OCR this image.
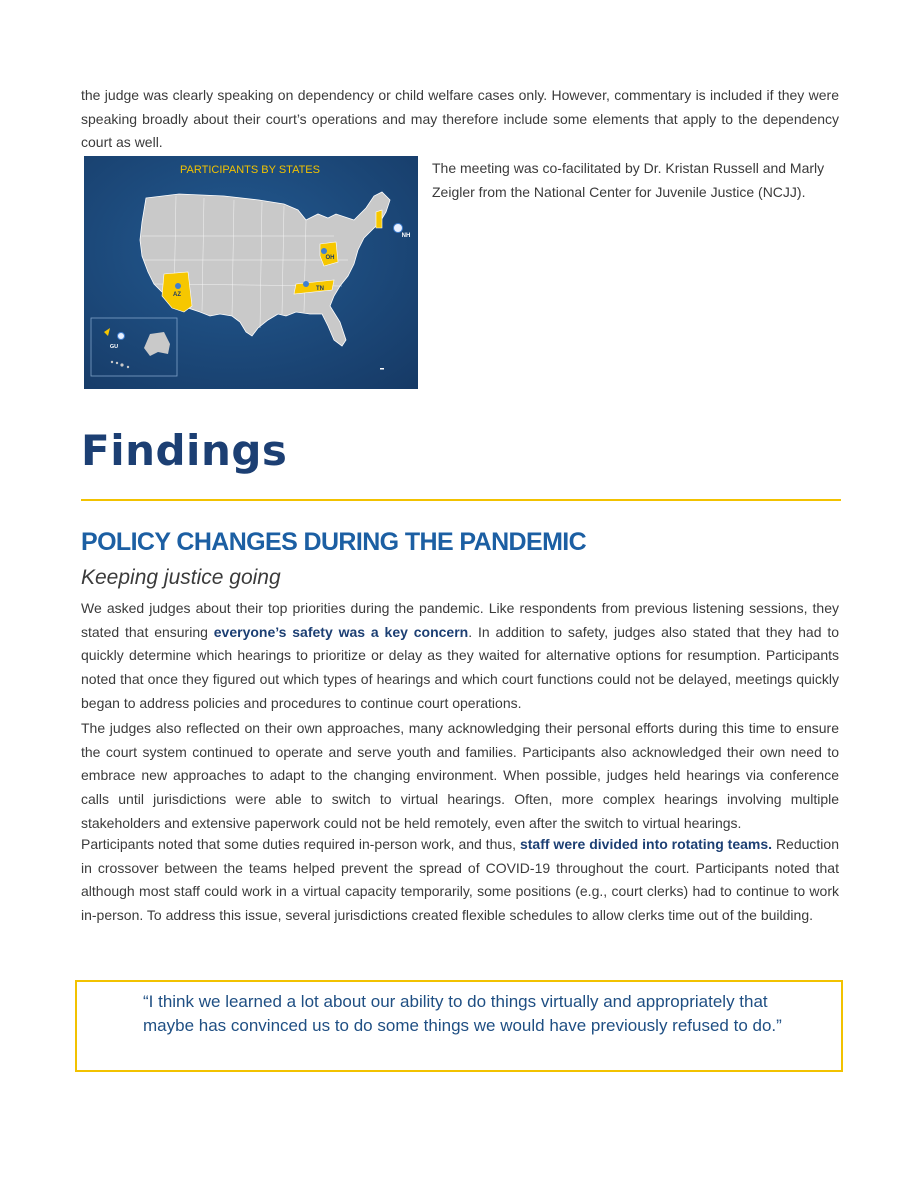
the judge was clearly speaking on dependency or child welfare cases only. However, commentary is included if they were speaking broadly about their court’s operations and may therefore include some elements that apply to the dependency court as well.

PARTICIPANTS BY STATES
AZ
OH
TN
NH
GU

The meeting was co-facilitated by Dr. Kristan Russell and Marly Zeigler from the National Center for Juvenile Justice (NCJJ).

Findings
POLICY CHANGES DURING THE PANDEMIC
Keeping justice going

We asked judges about their top priorities during the pandemic. Like respondents from previous listening sessions, they stated that ensuring everyone’s safety was a key concern. In addition to safety, judges also stated that they had to quickly determine which hearings to prioritize or delay as they waited for alternative options for resumption. Participants noted that once they figured out which types of hearings and which court functions could not be delayed, meetings quickly began to address policies and procedures to continue court operations.

The judges also reflected on their own approaches, many acknowledging their personal efforts during this time to ensure the court system continued to operate and serve youth and families. Participants also acknowledged their own need to embrace new approaches to adapt to the changing environment. When possible, judges held hearings via conference calls until jurisdictions were able to switch to virtual hearings. Often, more complex hearings involving multiple stakeholders and extensive paperwork could not be held remotely, even after the switch to virtual hearings.

Participants noted that some duties required in-person work, and thus, staff were divided into rotating teams. Reduction in crossover between the teams helped prevent the spread of COVID-19 throughout the court. Participants noted that although most staff could work in a virtual capacity temporarily, some positions (e.g., court clerks) had to continue to work in-person. To address this issue, several jurisdictions created flexible schedules to allow clerks time out of the building.

“I think we learned a lot about our ability to do things virtually and appropriately that maybe has convinced us to do some things we would have previously refused to do.”
